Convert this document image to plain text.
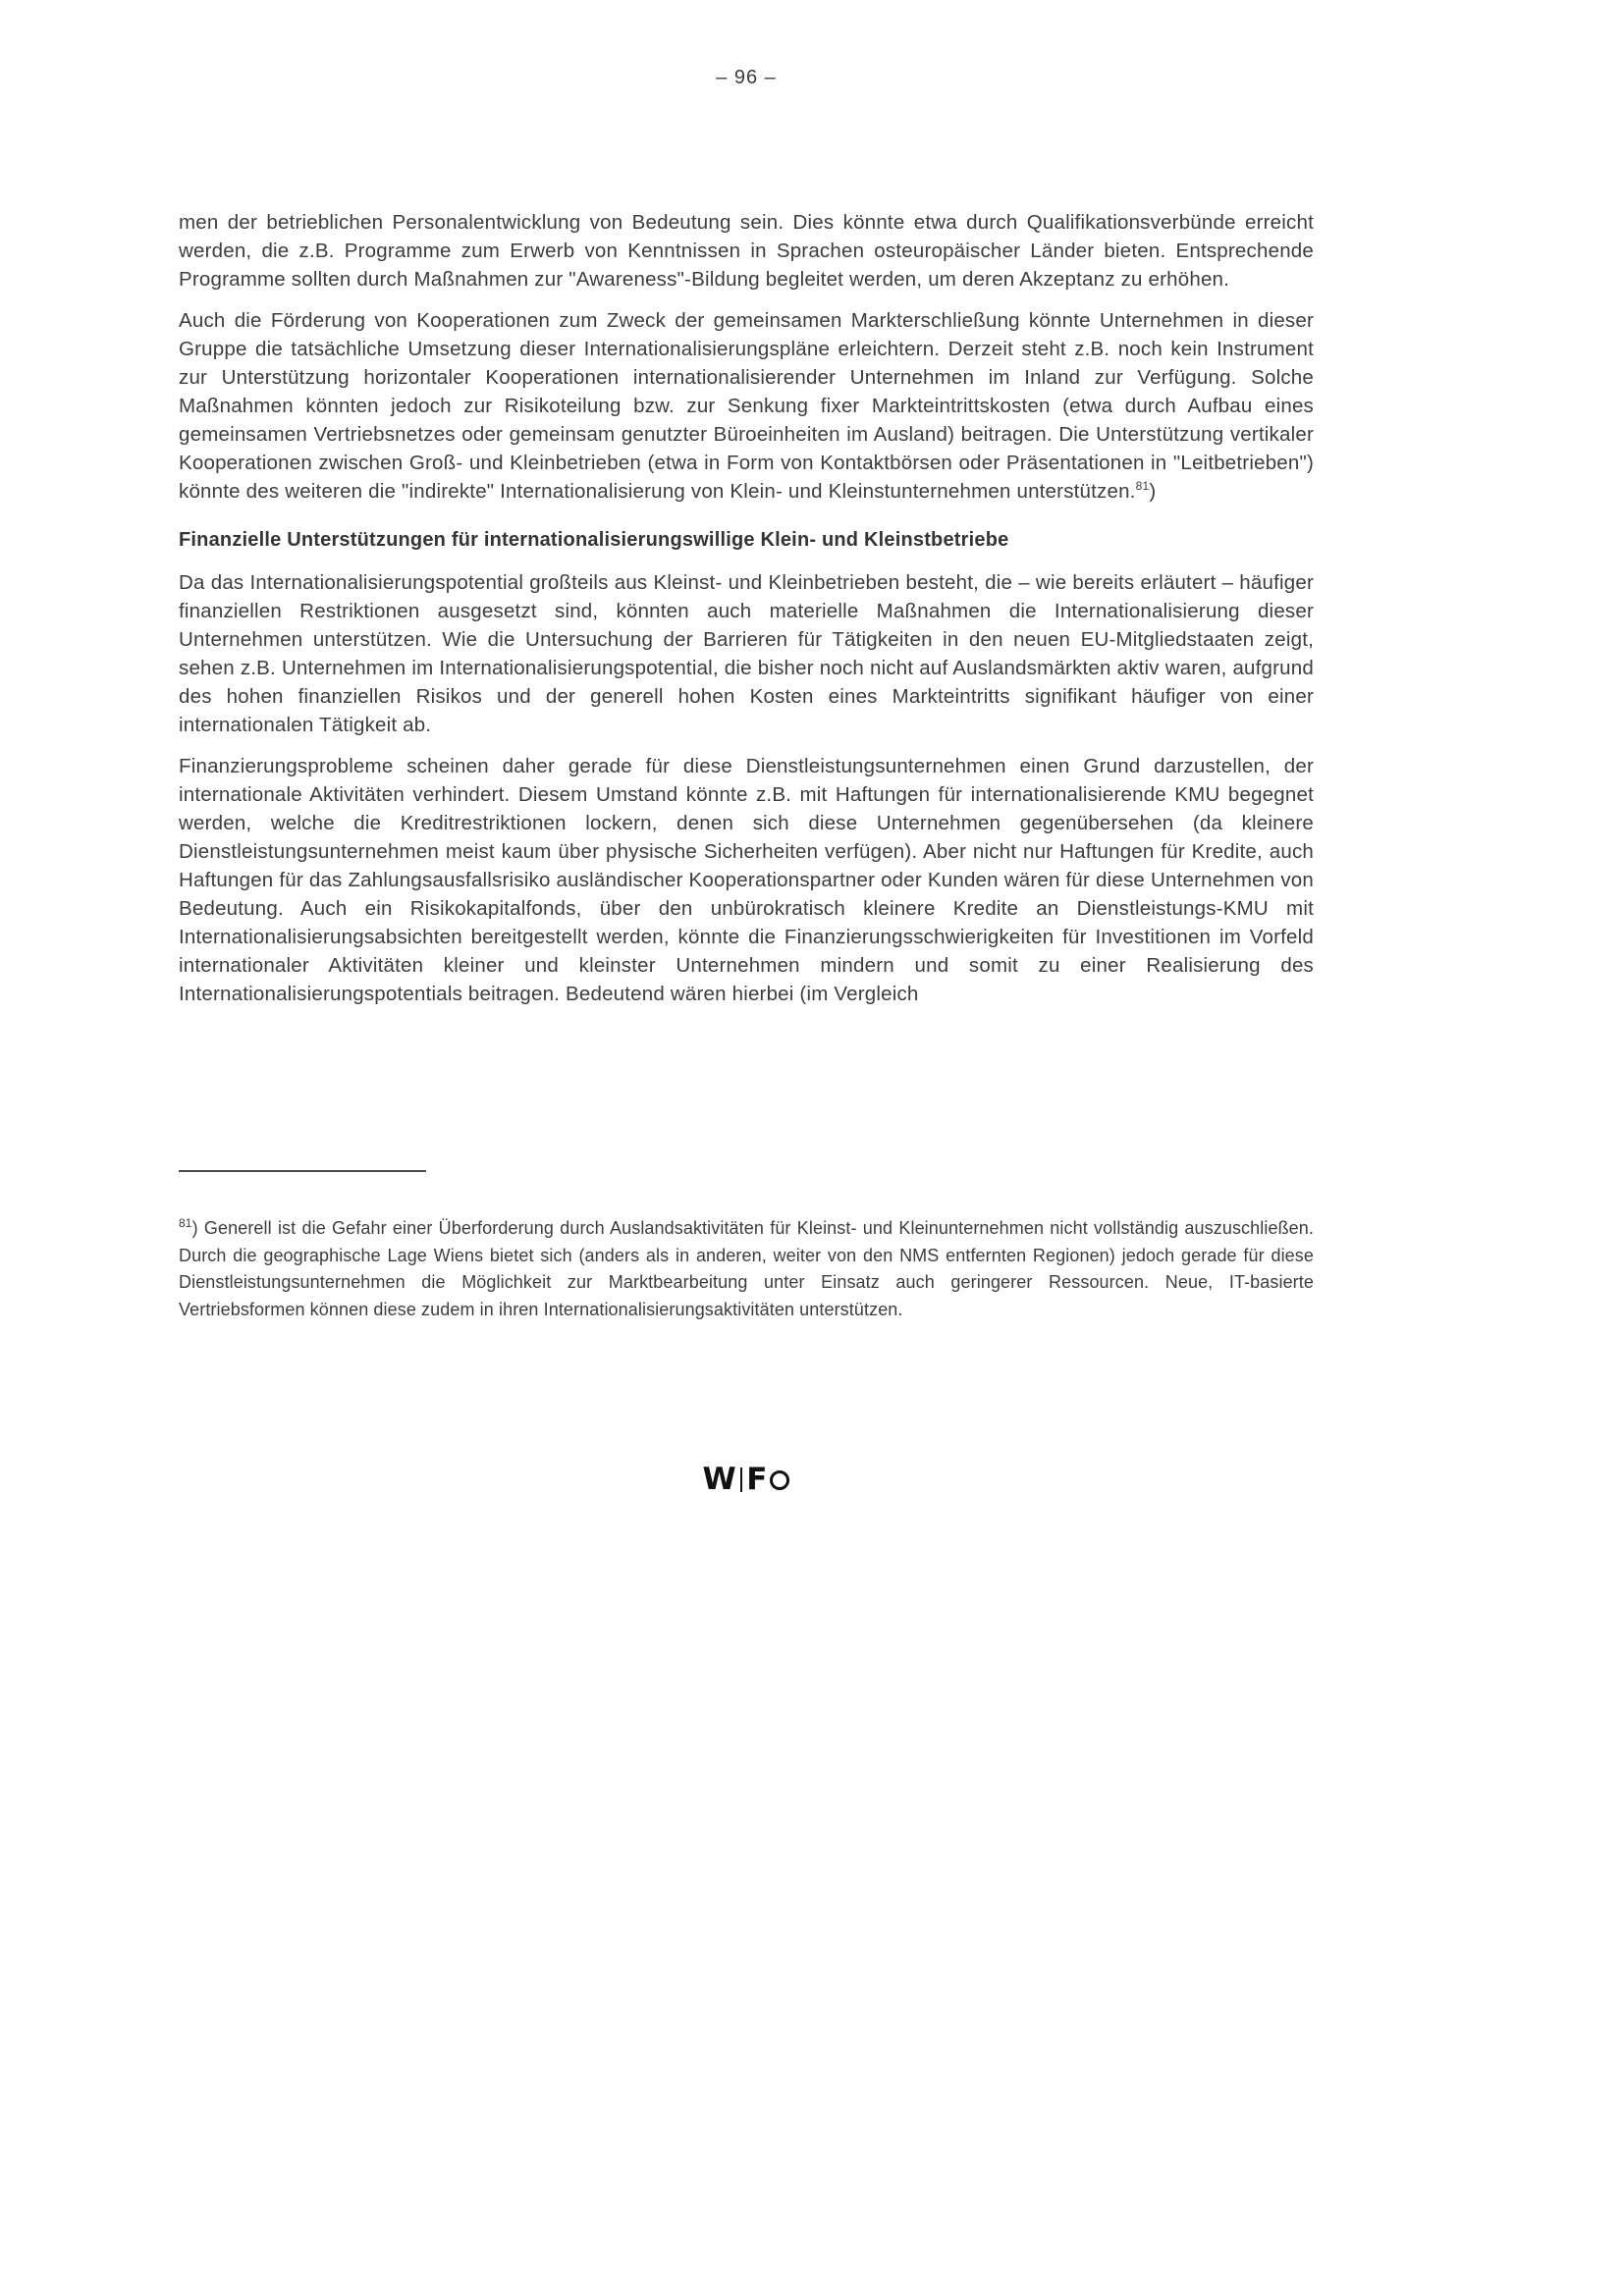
– 96 –

men der betrieblichen Personalentwicklung von Bedeutung sein. Dies könnte etwa durch Qualifikationsverbünde erreicht werden, die z.B. Programme zum Erwerb von Kenntnissen in Sprachen osteuropäischer Länder bieten. Entsprechende Programme sollten durch Maßnahmen zur "Awareness"-Bildung begleitet werden, um deren Akzeptanz zu erhöhen.

Auch die Förderung von Kooperationen zum Zweck der gemeinsamen Markterschließung könnte Unternehmen in dieser Gruppe die tatsächliche Umsetzung dieser Internationalisierungspläne erleichtern. Derzeit steht z.B. noch kein Instrument zur Unterstützung horizontaler Kooperationen internationalisierender Unternehmen im Inland zur Verfügung. Solche Maßnahmen könnten jedoch zur Risikoteilung bzw. zur Senkung fixer Markteintrittskosten (etwa durch Aufbau eines gemeinsamen Vertriebsnetzes oder gemeinsam genutzter Büroeinheiten im Ausland) beitragen. Die Unterstützung vertikaler Kooperationen zwischen Groß- und Kleinbetrieben (etwa in Form von Kontaktbörsen oder Präsentationen in "Leitbetrieben") könnte des weiteren die "indirekte" Internationalisierung von Klein- und Kleinstunternehmen unterstützen.$^{81}$)

Finanzielle Unterstützungen für internationalisierungswillige Klein- und Kleinstbetriebe

Da das Internationalisierungspotential großteils aus Kleinst- und Kleinbetrieben besteht, die – wie bereits erläutert – häufiger finanziellen Restriktionen ausgesetzt sind, könnten auch materielle Maßnahmen die Internationalisierung dieser Unternehmen unterstützen. Wie die Untersuchung der Barrieren für Tätigkeiten in den neuen EU-Mitgliedstaaten zeigt, sehen z.B. Unternehmen im Internationalisierungspotential, die bisher noch nicht auf Auslandsmärkten aktiv waren, aufgrund des hohen finanziellen Risikos und der generell hohen Kosten eines Markteintritts signifikant häufiger von einer internationalen Tätigkeit ab.

Finanzierungsprobleme scheinen daher gerade für diese Dienstleistungsunternehmen einen Grund darzustellen, der internationale Aktivitäten verhindert. Diesem Umstand könnte z.B. mit Haftungen für internationalisierende KMU begegnet werden, welche die Kreditrestriktionen lockern, denen sich diese Unternehmen gegenübersehen (da kleinere Dienstleistungsunternehmen meist kaum über physische Sicherheiten verfügen). Aber nicht nur Haftungen für Kredite, auch Haftungen für das Zahlungsausfallsrisiko ausländischer Kooperationspartner oder Kunden wären für diese Unternehmen von Bedeutung. Auch ein Risikokapitalfonds, über den unbürokratisch kleinere Kredite an Dienstleistungs-KMU mit Internationalisierungsabsichten bereitgestellt werden, könnte die Finanzierungsschwierigkeiten für Investitionen im Vorfeld internationaler Aktivitäten kleiner und kleinster Unternehmen mindern und somit zu einer Realisierung des Internationalisierungspotentials beitragen. Bedeutend wären hierbei (im Vergleich

$^{81}$) Generell ist die Gefahr einer Überforderung durch Auslandsaktivitäten für Kleinst- und Kleinunternehmen nicht vollständig auszuschließen. Durch die geographische Lage Wiens bietet sich (anders als in anderen, weiter von den NMS entfernten Regionen) jedoch gerade für diese Dienstleistungsunternehmen die Möglichkeit zur Marktbearbeitung unter Einsatz auch geringerer Ressourcen. Neue, IT-basierte Vertriebsformen können diese zudem in ihren Internationalisierungsaktivitäten unterstützen.

W F
